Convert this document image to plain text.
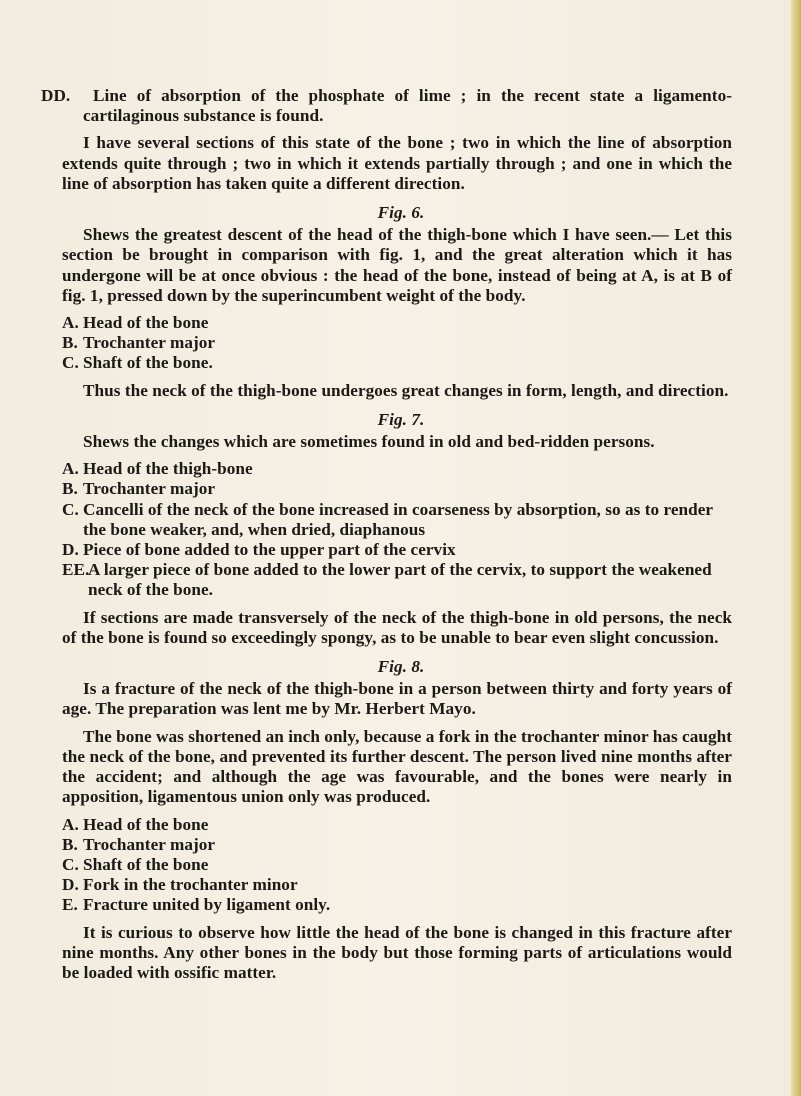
DD. Line of absorption of the phosphate of lime ; in the recent state a ligamento-cartilaginous substance is found.

I have several sections of this state of the bone ; two in which the line of absorption extends quite through ; two in which it extends partially through ; and one in which the line of absorption has taken quite a different direction.

Fig. 6.

Shews the greatest descent of the head of the thigh-bone which I have seen.— Let this section be brought in comparison with fig. 1, and the great alteration which it has undergone will be at once obvious : the head of the bone, instead of being at A, is at B of fig. 1, pressed down by the superincumbent weight of the body.

A. Head of the bone
B. Trochanter major
C. Shaft of the bone.

Thus the neck of the thigh-bone undergoes great changes in form, length, and direction.

Fig. 7.

Shews the changes which are sometimes found in old and bed-ridden persons.

A. Head of the thigh-bone
B. Trochanter major
C. Cancelli of the neck of the bone increased in coarseness by absorption, so as to render the bone weaker, and, when dried, diaphanous
D. Piece of bone added to the upper part of the cervix
EE.
A larger piece of bone added to the lower part of the cervix, to support the weakened neck of the bone.

If sections are made transversely of the neck of the thigh-bone in old persons, the neck of the bone is found so exceedingly spongy, as to be unable to bear even slight concussion.

Fig. 8.

Is a fracture of the neck of the thigh-bone in a person between thirty and forty years of age. The preparation was lent me by Mr. Herbert Mayo.

The bone was shortened an inch only, because a fork in the trochanter minor has caught the neck of the bone, and prevented its further descent. The person lived nine months after the accident; and although the age was favourable, and the bones were nearly in apposition, ligamentous union only was produced.

A. Head of the bone
B. Trochanter major
C. Shaft of the bone
D. Fork in the trochanter minor
E. Fracture united by ligament only.

It is curious to observe how little the head of the bone is changed in this fracture after nine months. Any other bones in the body but those forming parts of articulations would be loaded with ossific matter.
